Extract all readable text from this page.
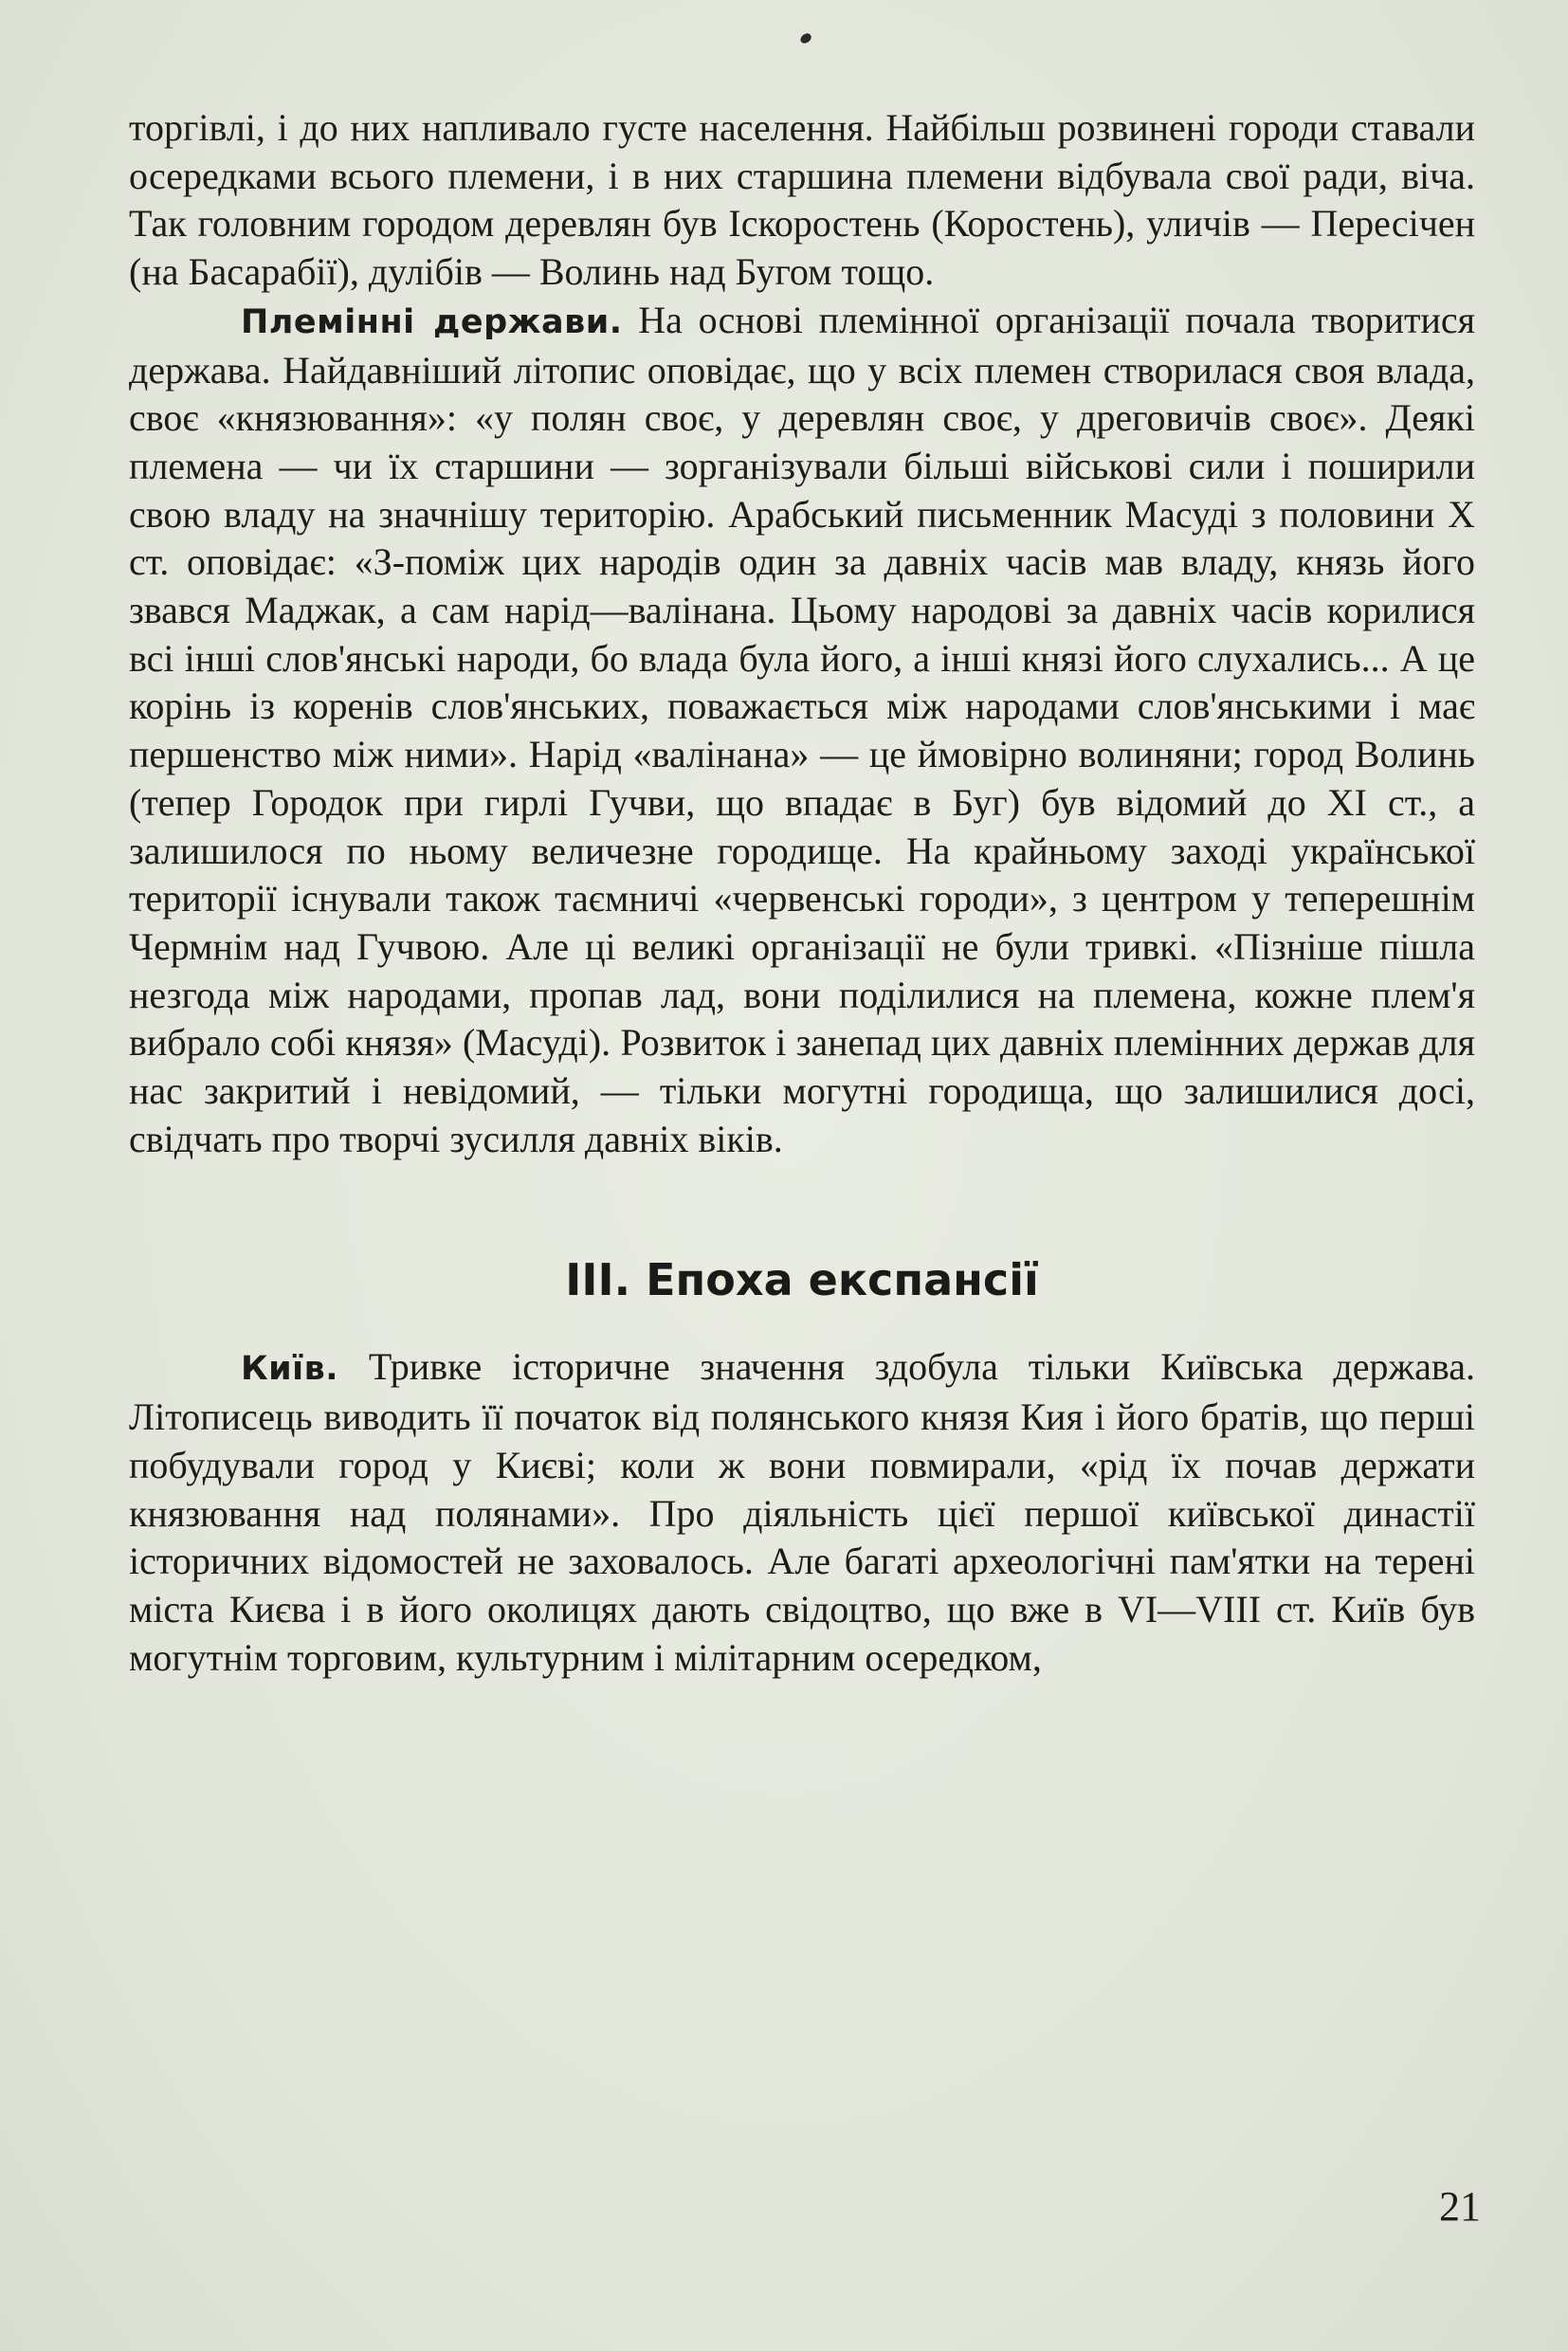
торгівлі, і до них напливало густе населення. Найбільш розвинені городи ставали осередками всього племени, і в них старшина племени відбувала свої ради, віча. Так головним городом деревлян був Іскоростень (Коростень), уличів — Пересічен (на Басарабії), дулібів — Волинь над Бугом тощо.

Племінні держави. На основі племінної організації почала творитися держава. Найдавніший літопис оповідає, що у всіх племен створилася своя влада, своє «князювання»: «у полян своє, у деревлян своє, у дреговичів своє». Деякі племена — чи їх старшини — зорганізували більші військові сили і поширили свою владу на значнішу територію. Арабський письменник Масуді з половини X ст. оповідає: «З-поміж цих народів один за давніх часів мав владу, князь його звався Маджак, а сам нарід—валінана. Цьому народові за давніх часів корилися всі інші слов'янські народи, бо влада була його, а інші князі його слухались... А це корінь із коренів слов'янських, поважається між народами слов'янськими і має першенство між ними». Нарід «валінана» — це ймовірно волиняни; город Волинь (тепер Городок при гирлі Гучви, що впадає в Буг) був відомий до XI ст., а залишилося по ньому величезне городище. На крайньому заході української території існували також таємничі «червенські городи», з центром у теперешнім Чермнім над Гучвою. Але ці великі організації не були тривкі. «Пізніше пішла незгода між народами, пропав лад, вони поділилися на племена, кожне плем'я вибрало собі князя» (Масуді). Розвиток і занепад цих давніх племінних держав для нас закритий і невідомий, — тільки могутні городища, що залишилися досі, свідчать про творчі зусилля давніх віків.

III. Епоха експансії

Київ. Тривке історичне значення здобула тільки Київська держава. Літописець виводить її початок від полянського князя Кия і його братів, що перші побудували город у Києві; коли ж вони повмирали, «рід їх почав держати князювання над полянами». Про діяльність цієї першої київської династії історичних відомостей не заховалось. Але багаті археологічні пам'ятки на терені міста Києва і в його околицях дають свідоцтво, що вже в VI—VIII ст. Київ був могутнім торговим, культурним і мілітарним осередком,

21
